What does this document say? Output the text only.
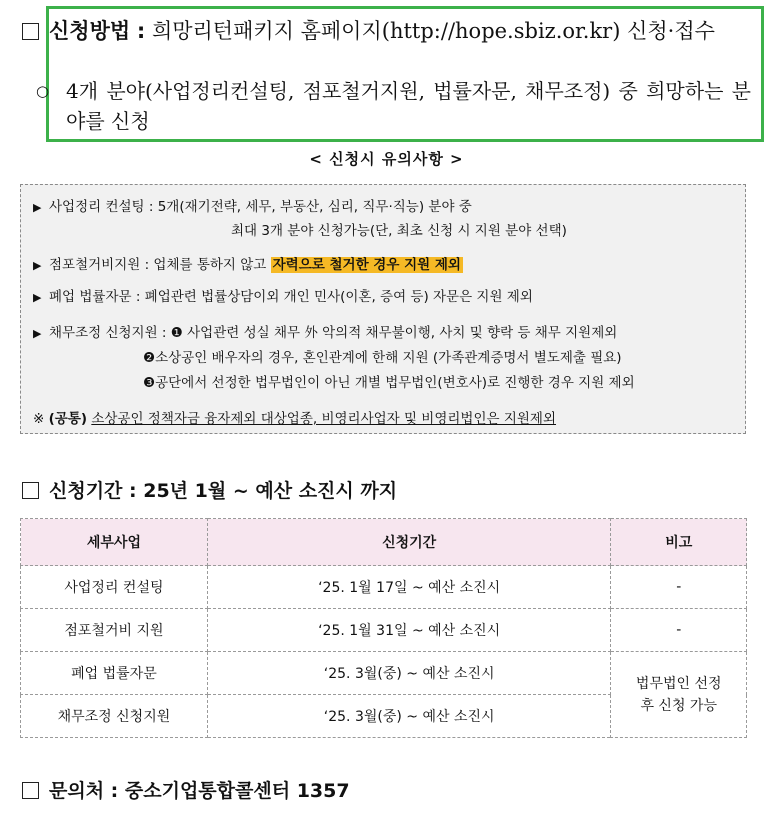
신청방법 : 희망리턴패키지 홈페이지(http://hope.sbiz.or.kr) 신청·접수
○ 4개 분야(사업정리컨설팅, 점포철거지원, 법률자문, 채무조정) 중 희망하는 분야를 신청
< 신청시 유의사항 >
▶ 사업정리 컨설팅 : 5개(재기전략, 세무, 부동산, 심리, 직무·직능) 분야 중
최대 3개 분야 신청가능(단, 최초 신청 시 지원 분야 선택)
▶ 점포철거비지원 : 업체를 통하지 않고 자력으로 철거한 경우 지원 제외
▶ 폐업 법률자문 : 폐업관련 법률상담이외 개인 민사(이혼, 증여 등) 자문은 지원 제외
▶ 채무조정 신청지원 : ❶ 사업관련 성실 채무 外 악의적 채무불이행, 사치 및 향락 등 채무 지원제외
❷소상공인 배우자의 경우, 혼인관계에 한해 지원 (가족관계증명서 별도제출 필요)
❸공단에서 선정한 법무법인이 아닌 개별 법무법인(변호사)로 진행한 경우 지원 제외
※ (공통) 소상공인 정책자금 융자제외 대상업종, 비영리사업자 및 비영리법인은 지원제외
신청기간 : 25년 1월 ~ 예산 소진시 까지
세부사업	신청기간	비고
사업정리 컨설팅	‘25. 1월 17일 ~ 예산 소진시	-
점포철거비 지원	‘25. 1월 31일 ~ 예산 소진시	-
폐업 법률자문	‘25. 3월(중) ~ 예산 소진시	법무법인 선정 후 신청 가능
채무조정 신청지원	‘25. 3월(중) ~ 예산 소진시	
문의처 : 중소기업통합콜센터 1357
